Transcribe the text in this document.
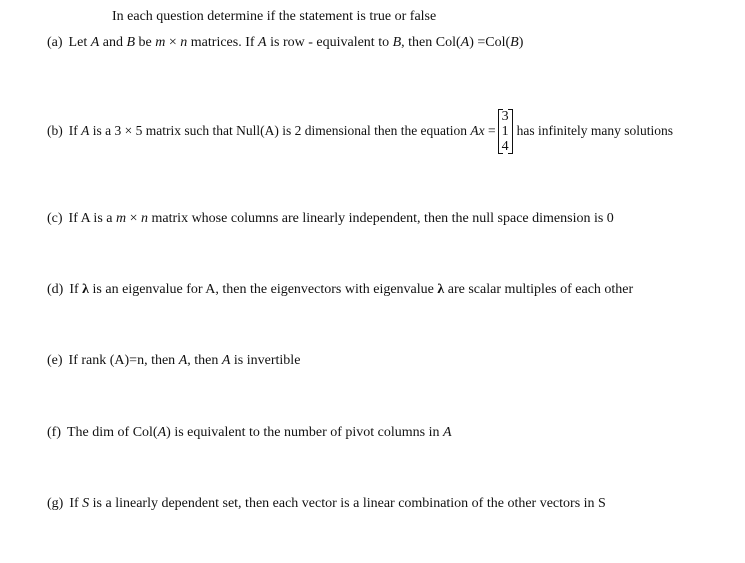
In each question determine if the statement is true or false
(a) Let A and B be m × n matrices. If A is row - equivalent to B, then Col(A) =Col(B)
(b) If A is a 3 × 5 matrix such that Null(A) is 2 dimensional then the equation Ax =
3
1
4
has infinitely many solutions
(c) If A is a m × n matrix whose columns are linearly independent, then the null space dimension is 0
(d) If λ is an eigenvalue for A, then the eigenvectors with eigenvalue λ are scalar multiples of each other
(e) If rank (A)=n, then A, then A is invertible
(f) The dim of Col(A) is equivalent to the number of pivot columns in A
(g) If S is a linearly dependent set, then each vector is a linear combination of the other vectors in S
